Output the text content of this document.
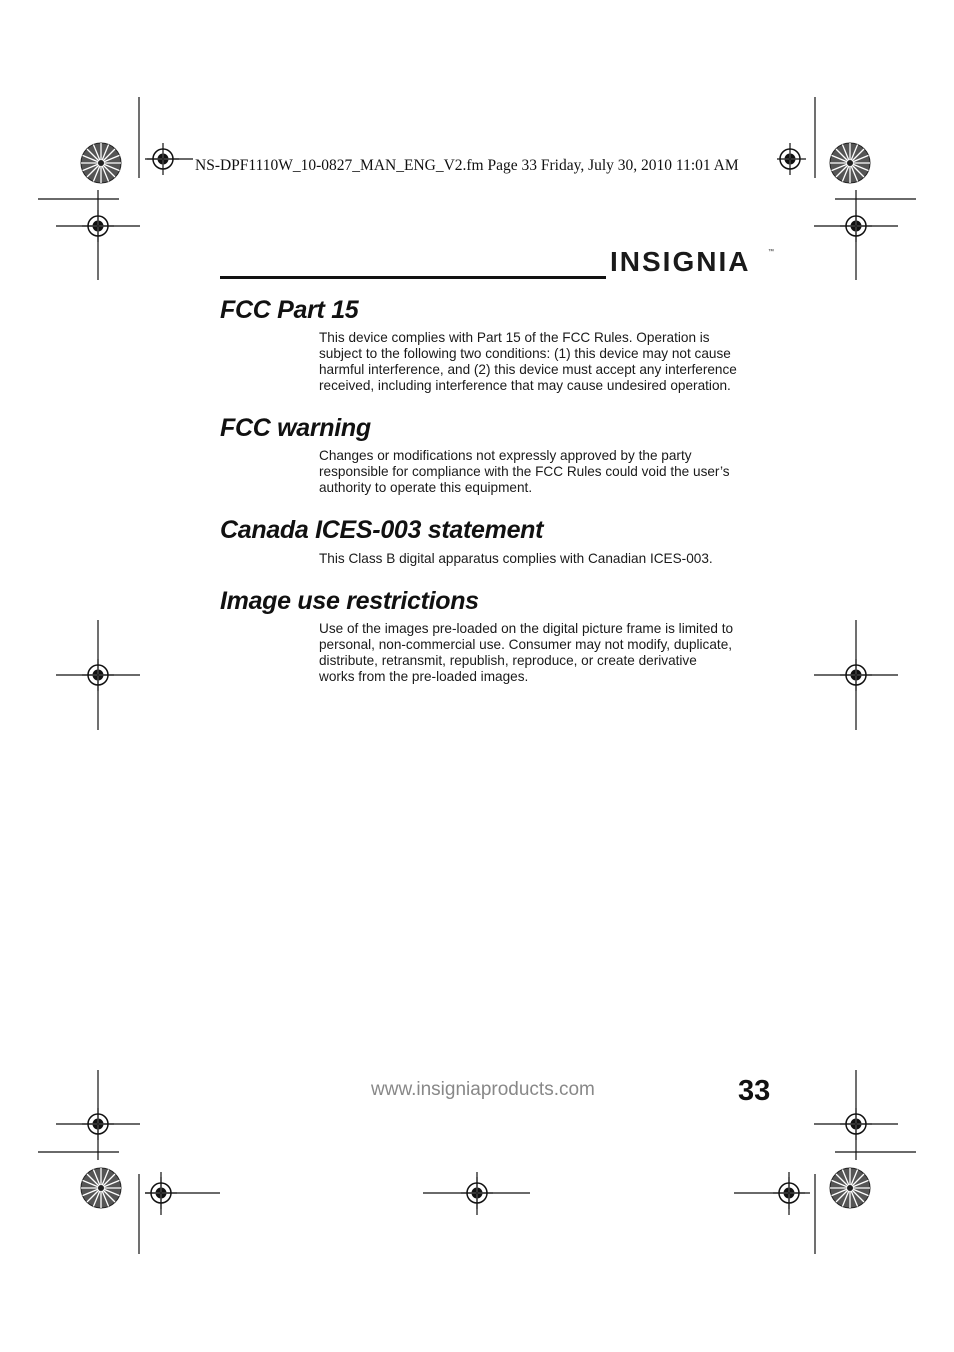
NS-DPF1110W_10-0827_MAN_ENG_V2.fm Page 33 Friday, July 30, 2010 11:01 AM
INSIGNIA	™
FCC Part 15

This device complies with Part 15 of the FCC Rules. Operation is
subject to the following two conditions: (1) this device may not cause
harmful interference, and (2) this device must accept any interference
received, including interference that may cause undesired operation.

FCC warning

Changes or modifications not expressly approved by the party
responsible for compliance with the FCC Rules could void the user’s
authority to operate this equipment.

Canada ICES-003 statement

This Class B digital apparatus complies with Canadian ICES-003.

Image use restrictions

Use of the images pre-loaded on the digital picture frame is limited to
personal, non-commercial use. Consumer may not modify, duplicate,
distribute, retransmit, republish, reproduce, or create derivative
works from the pre-loaded images.

www.insigniaproducts.com	33
